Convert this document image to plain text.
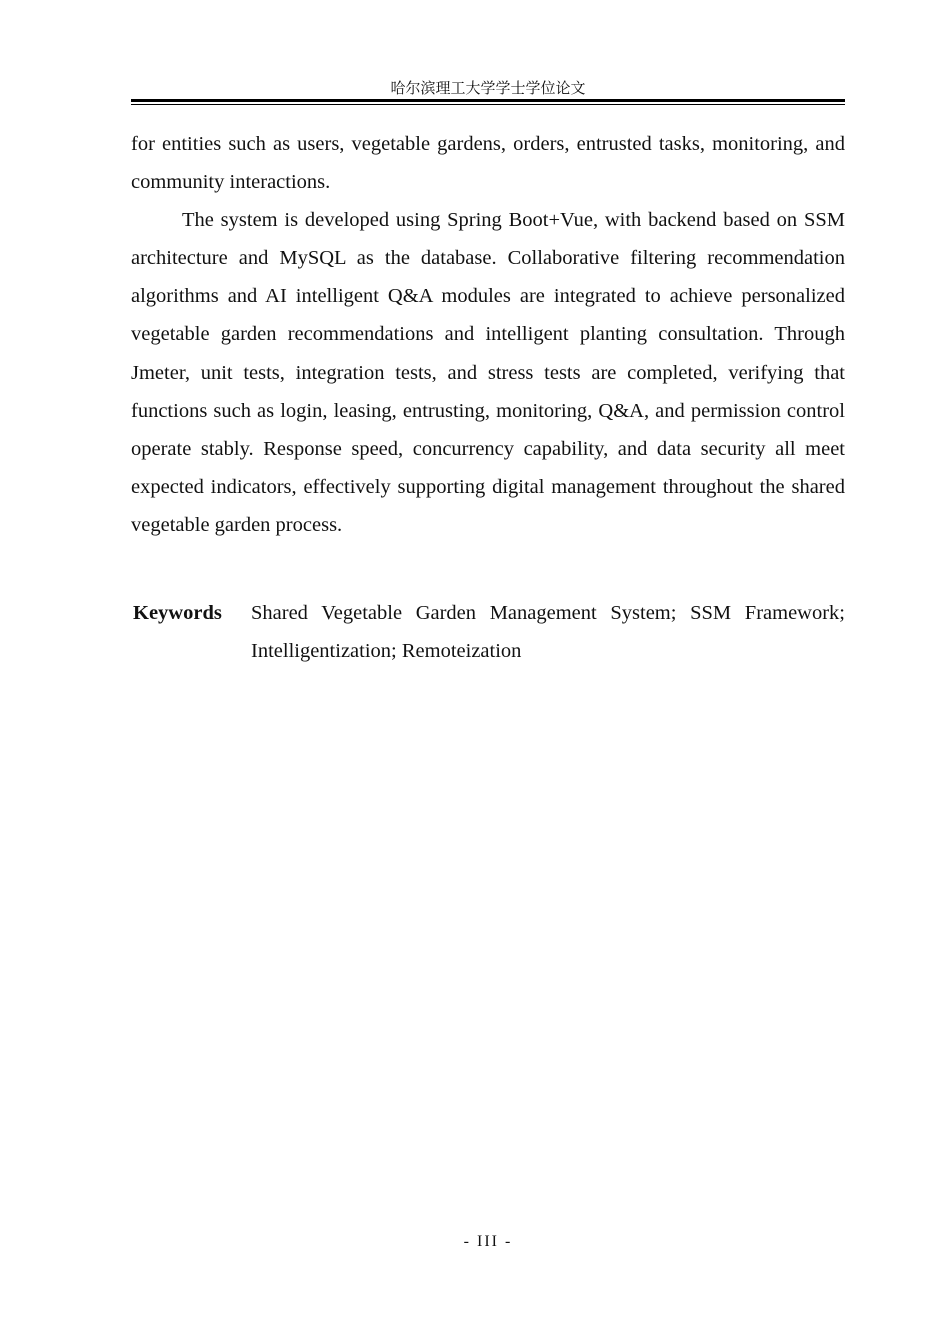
哈尔滨理工大学学士学位论文

for entities such as users, vegetable gardens, orders, entrusted tasks, monitoring, and community interactions.

The system is developed using Spring Boot+Vue, with backend based on SSM architecture and MySQL as the database. Collaborative filtering recommendation algorithms and AI intelligent Q&A modules are integrated to achieve personalized vegetable garden recommendations and intelligent planting consultation. Through Jmeter, unit tests, integration tests, and stress tests are completed, verifying that functions such as login, leasing, entrusting, monitoring, Q&A, and permission control operate stably. Response speed, concurrency capability, and data security all meet expected indicators, effectively supporting digital management throughout the shared vegetable garden process.

Keywords	Shared Vegetable Garden Management System; SSM Framework; Intelligentization; Remoteization
- III -
